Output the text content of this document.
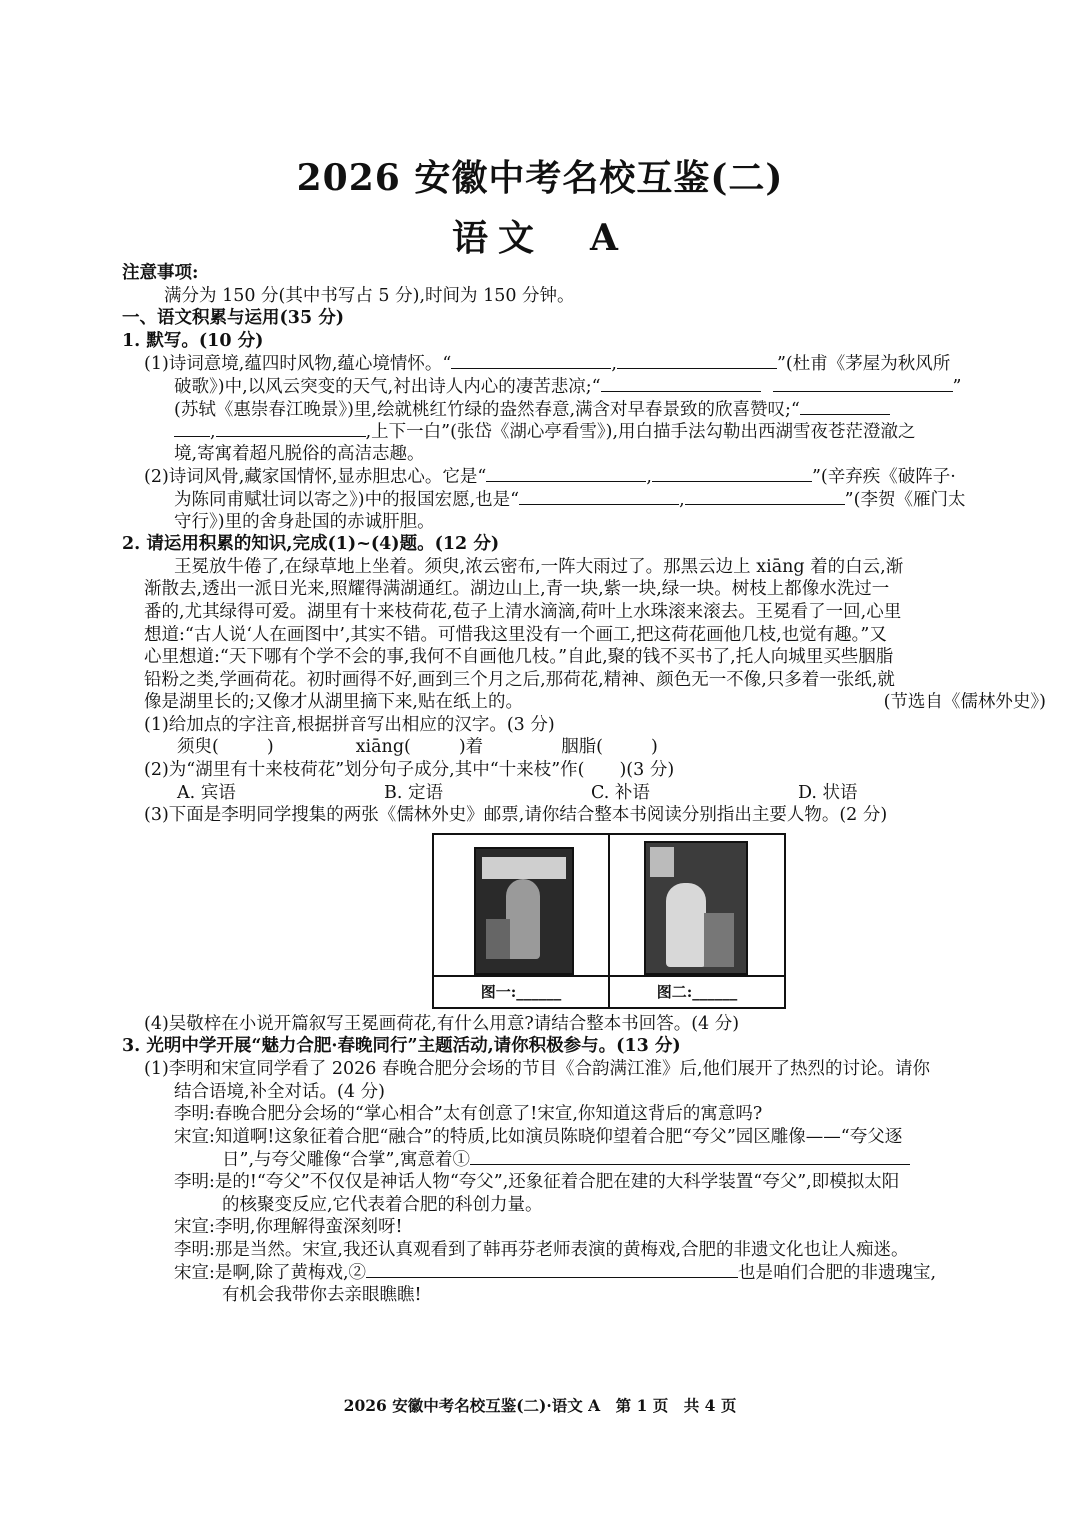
2026 安徽中考名校互鉴(二)
语文　A
注意事项:
满分为 150 分(其中书写占 5 分),时间为 150 分钟。
一、语文积累与运用(35 分)
1. 默写。(10 分)
(1)诗词意境,蕴四时风物,蕴心境情怀。“	,	”(杜甫《茅屋为秋风所
破歌》)中,以风云突变的天气,衬出诗人内心的凄苦悲凉;“	”
(苏轼《惠崇春江晚景》)里,绘就桃红竹绿的盎然春意,满含对早春景致的欣喜赞叹;“
,	,上下一白”(张岱《湖心亭看雪》),用白描手法勾勒出西湖雪夜苍茫澄澈之
境,寄寓着超凡脱俗的高洁志趣。
(2)诗词风骨,藏家国情怀,显赤胆忠心。它是“	,	”(辛弃疾《破阵子·
为陈同甫赋壮词以寄之》)中的报国宏愿,也是“	,	”(李贺《雁门太
守行》)里的舍身赴国的赤诚肝胆。
2. 请运用积累的知识,完成(1)~(4)题。(12 分)
王冕放牛倦了,在绿草地上坐着。须臾,浓云密布,一阵大雨过了。那黑云边上 xiāng 着的白云,渐
渐散去,透出一派日光来,照耀得满湖通红。湖边山上,青一块,紫一块,绿一块。树枝上都像水洗过一
番的,尤其绿得可爱。湖里有十来枝荷花,苞子上清水滴滴,荷叶上水珠滚来滚去。王冕看了一回,心里
想道:“古人说‘人在画图中’,其实不错。可惜我这里没有一个画工,把这荷花画他几枝,也觉有趣。”又
心里想道:“天下哪有个学不会的事,我何不自画他几枝。”自此,聚的钱不买书了,托人向城里买些胭脂
铅粉之类,学画荷花。初时画得不好,画到三个月之后,那荷花,精神、颜色无一不像,只多着一张纸,就
像是湖里长的;又像才从湖里摘下来,贴在纸上的。	(节选自《儒林外史》)
(1)给加点的字注音,根据拼音写出相应的汉字。(3 分)
须臾(	)	xiāng(	)着	胭脂(	)
(2)为“湖里有十来枝荷花”划分句子成分,其中“十来枝”作(　　)(3 分)
A. 宾语	B. 定语	C. 补语	D. 状语
(3)下面是李明同学搜集的两张《儒林外史》邮票,请你结合整本书阅读分别指出主要人物。(2 分)
图一:______	图二:______
(4)吴敬梓在小说开篇叙写王冕画荷花,有什么用意?请结合整本书回答。(4 分)
3. 光明中学开展“魅力合肥·春晚同行”主题活动,请你积极参与。(13 分)
(1)李明和宋宣同学看了 2026 春晚合肥分会场的节目《合韵满江淮》后,他们展开了热烈的讨论。请你
结合语境,补全对话。(4 分)
李明:春晚合肥分会场的“掌心相合”太有创意了!宋宣,你知道这背后的寓意吗?
宋宣:知道啊!这象征着合肥“融合”的特质,比如演员陈晓仰望着合肥“夸父”园区雕像——“夸父逐
日”,与夸父雕像“合掌”,寓意着①
李明:是的!“夸父”不仅仅是神话人物“夸父”,还象征着合肥在建的大科学装置“夸父”,即模拟太阳
的核聚变反应,它代表着合肥的科创力量。
宋宣:李明,你理解得蛮深刻呀!
李明:那是当然。宋宣,我还认真观看到了韩再芬老师表演的黄梅戏,合肥的非遗文化也让人痴迷。
宋宣:是啊,除了黄梅戏,②	也是咱们合肥的非遗瑰宝,
有机会我带你去亲眼瞧瞧!
2026 安徽中考名校互鉴(二)·语文 A　第 1 页　共 4 页
